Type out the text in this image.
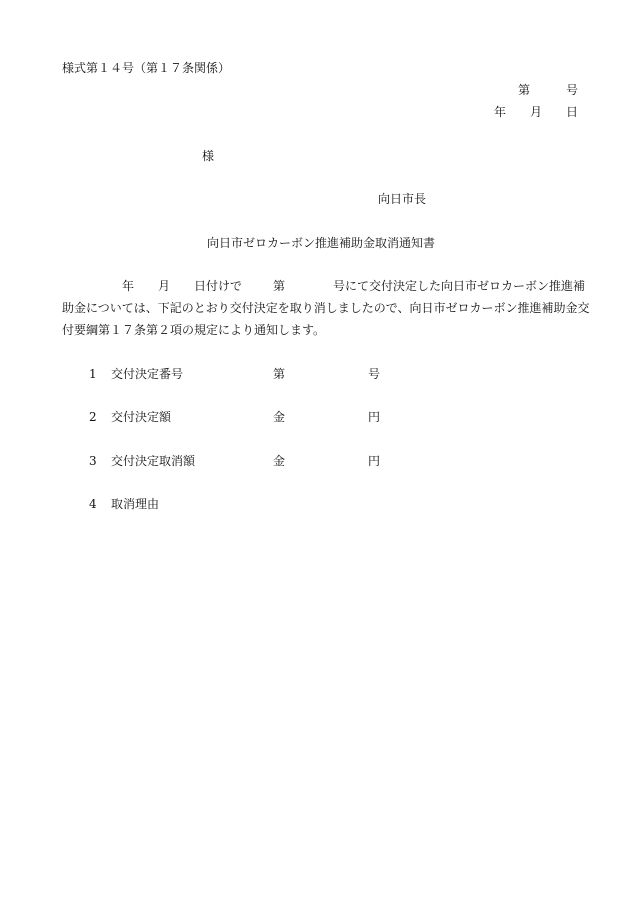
様式第１４号（第１７条関係）
第	号
年 月 日
様
向日市長
向日市ゼロカーボン推進補助金取消通知書
年 月 日付けで	第	号にて交付決定した向日市ゼロカーボン推進補
助金については、下記のとおり交付決定を取り消しましたので、向日市ゼロカーボン推進補助金交
付要綱第１７条第２項の規定により通知します。
1 交付決定番号	第	号
2 交付決定額	金	円
3 交付決定取消額	金	円
4 取消理由
